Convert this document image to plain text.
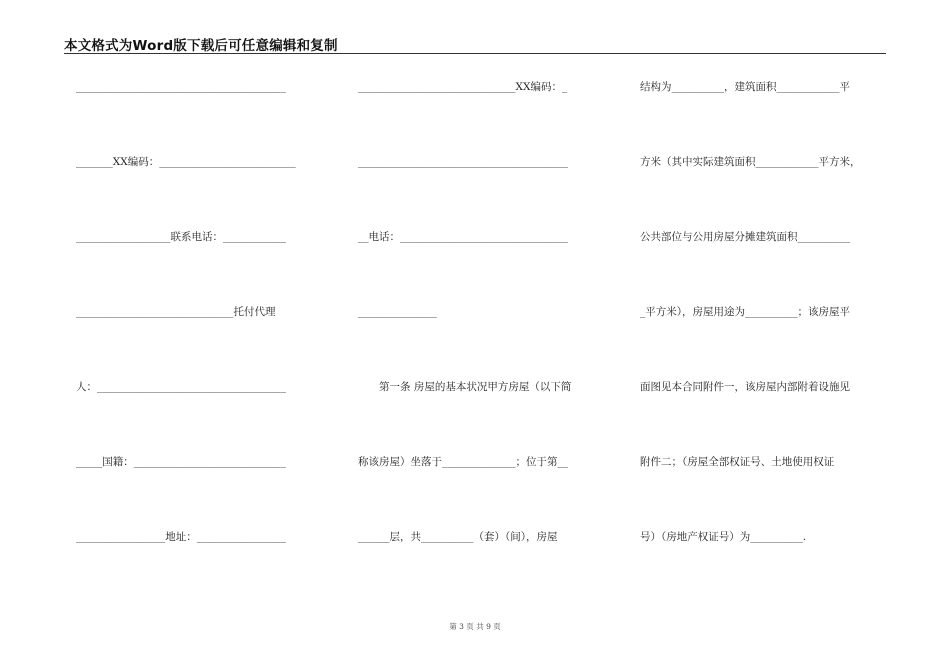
本文格式为Word版下载后可任意编辑和复制
________________________________________
_______XX编码：__________________________
__________________联系电话：____________
______________________________托付代理
人：____________________________________
_____国籍：_____________________________
_________________地址：_________________
______________________________XX编码：_
________________________________________
__电话：________________________________
_______________
　　第一条 房屋的基本状况甲方房屋（以下简
称该房屋）坐落于______________；位于第__
______层，共__________（套）（间），房屋
结构为__________，建筑面积____________平
方米（其中实际建筑面积____________平方米，
公共部位与公用房屋分摊建筑面积__________
_平方米），房屋用途为__________；该房屋平
面图见本合同附件一，该房屋内部附着设施见
附件二；（房屋全部权证号、土地使用权证
号）（房地产权证号）为__________.
第 3 页 共 9 页
